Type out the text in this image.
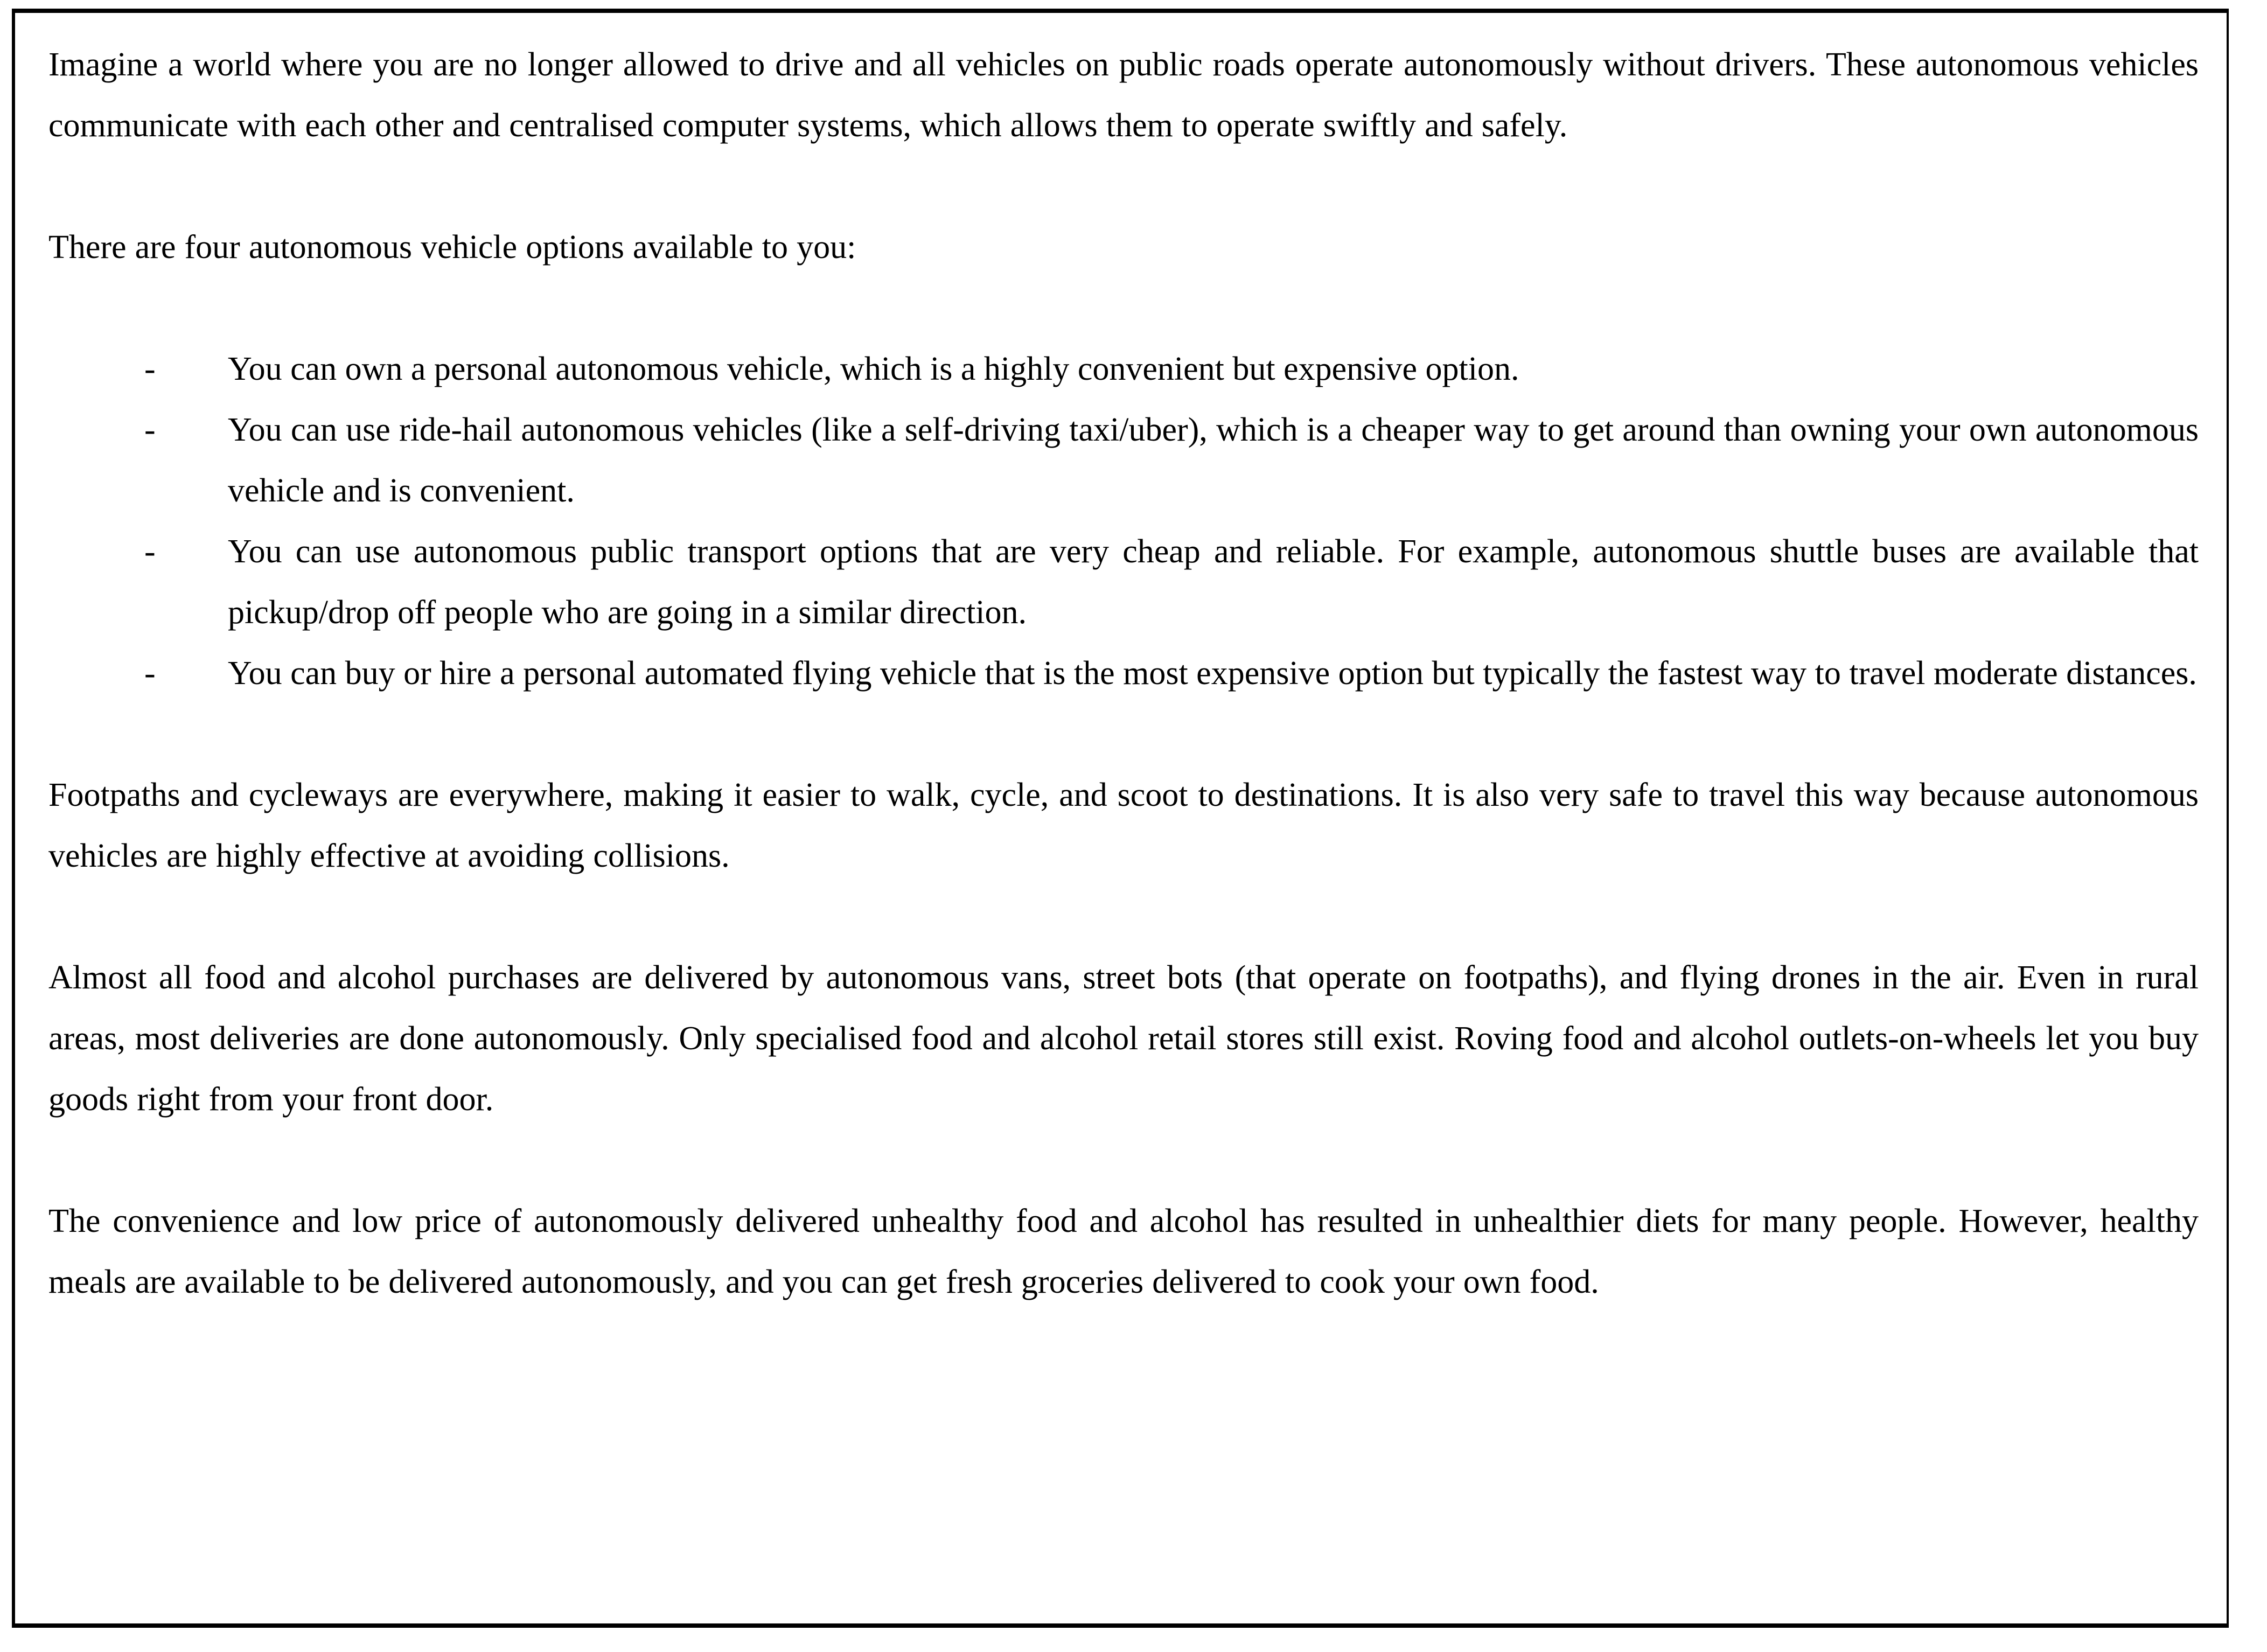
Imagine a world where you are no longer allowed to drive and all vehicles on public roads operate autonomously without drivers. These autonomous vehicles communicate with each other and centralised computer systems, which allows them to operate swiftly and safely.

There are four autonomous vehicle options available to you:

- You can own a personal autonomous vehicle, which is a highly convenient but expensive option.
- You can use ride-hail autonomous vehicles (like a self-driving taxi/uber), which is a cheaper way to get around than owning your own autonomous vehicle and is convenient.
- You can use autonomous public transport options that are very cheap and reliable. For example, autonomous shuttle buses are available that pickup/drop off people who are going in a similar direction.
- You can buy or hire a personal automated flying vehicle that is the most expensive option but typically the fastest way to travel moderate distances.

Footpaths and cycleways are everywhere, making it easier to walk, cycle, and scoot to destinations. It is also very safe to travel this way because autonomous vehicles are highly effective at avoiding collisions.

Almost all food and alcohol purchases are delivered by autonomous vans, street bots (that operate on footpaths), and flying drones in the air. Even in rural areas, most deliveries are done autonomously. Only specialised food and alcohol retail stores still exist. Roving food and alcohol outlets-on-wheels let you buy goods right from your front door.

The convenience and low price of autonomously delivered unhealthy food and alcohol has resulted in unhealthier diets for many people. However, healthy meals are available to be delivered autonomously, and you can get fresh groceries delivered to cook your own food.
